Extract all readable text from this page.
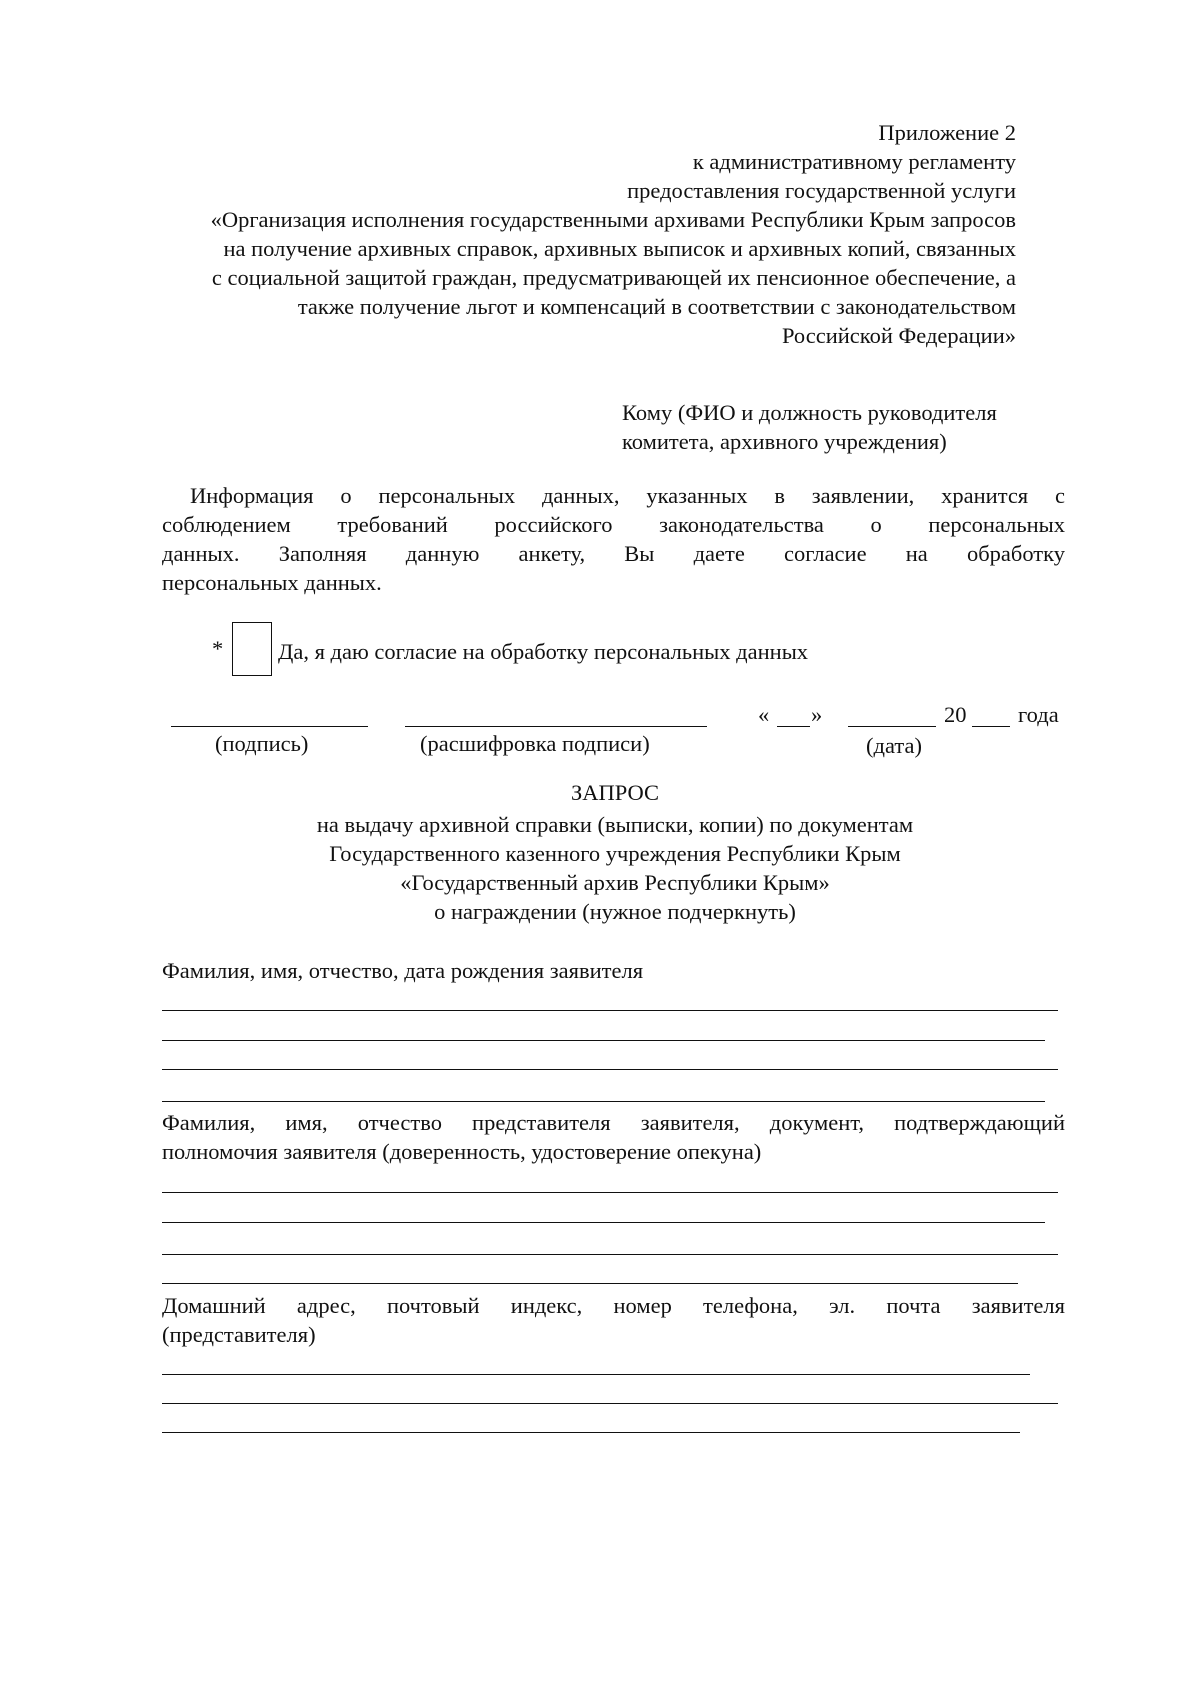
Приложение 2
к административному регламенту
предоставления государственной услуги
«Организация исполнения государственными архивами Республики Крым запросов
на получение архивных справок, архивных выписок и архивных копий, связанных
с социальной защитой граждан, предусматривающей их пенсионное обеспечение, а
также получение льгот и компенсаций в соответствии с законодательством
Российской Федерации»
Кому (ФИО и должность руководителя
комитета, архивного учреждения)
Информация о персональных данных, указанных в заявлении, хранится с
соблюдением требований российского законодательства о персональных
данных. Заполняя данную анкету, Вы даете согласие на обработку
персональных данных.
* Да, я даю согласие на обработку персональных данных
« »	20 года
(подпись)	(расшифровка подписи)	(дата)
ЗАПРОС
на выдачу архивной справки (выписки, копии) по документам
Государственного казенного учреждения Республики Крым
«Государственный архив Республики Крым»
о награждении (нужное подчеркнуть)
Фамилия, имя, отчество, дата рождения заявителя
Фамилия, имя, отчество представителя заявителя, документ, подтверждающий
полномочия заявителя (доверенность, удостоверение опекуна)
Домашний адрес, почтовый индекс, номер телефона, эл. почта заявителя
(представителя)
